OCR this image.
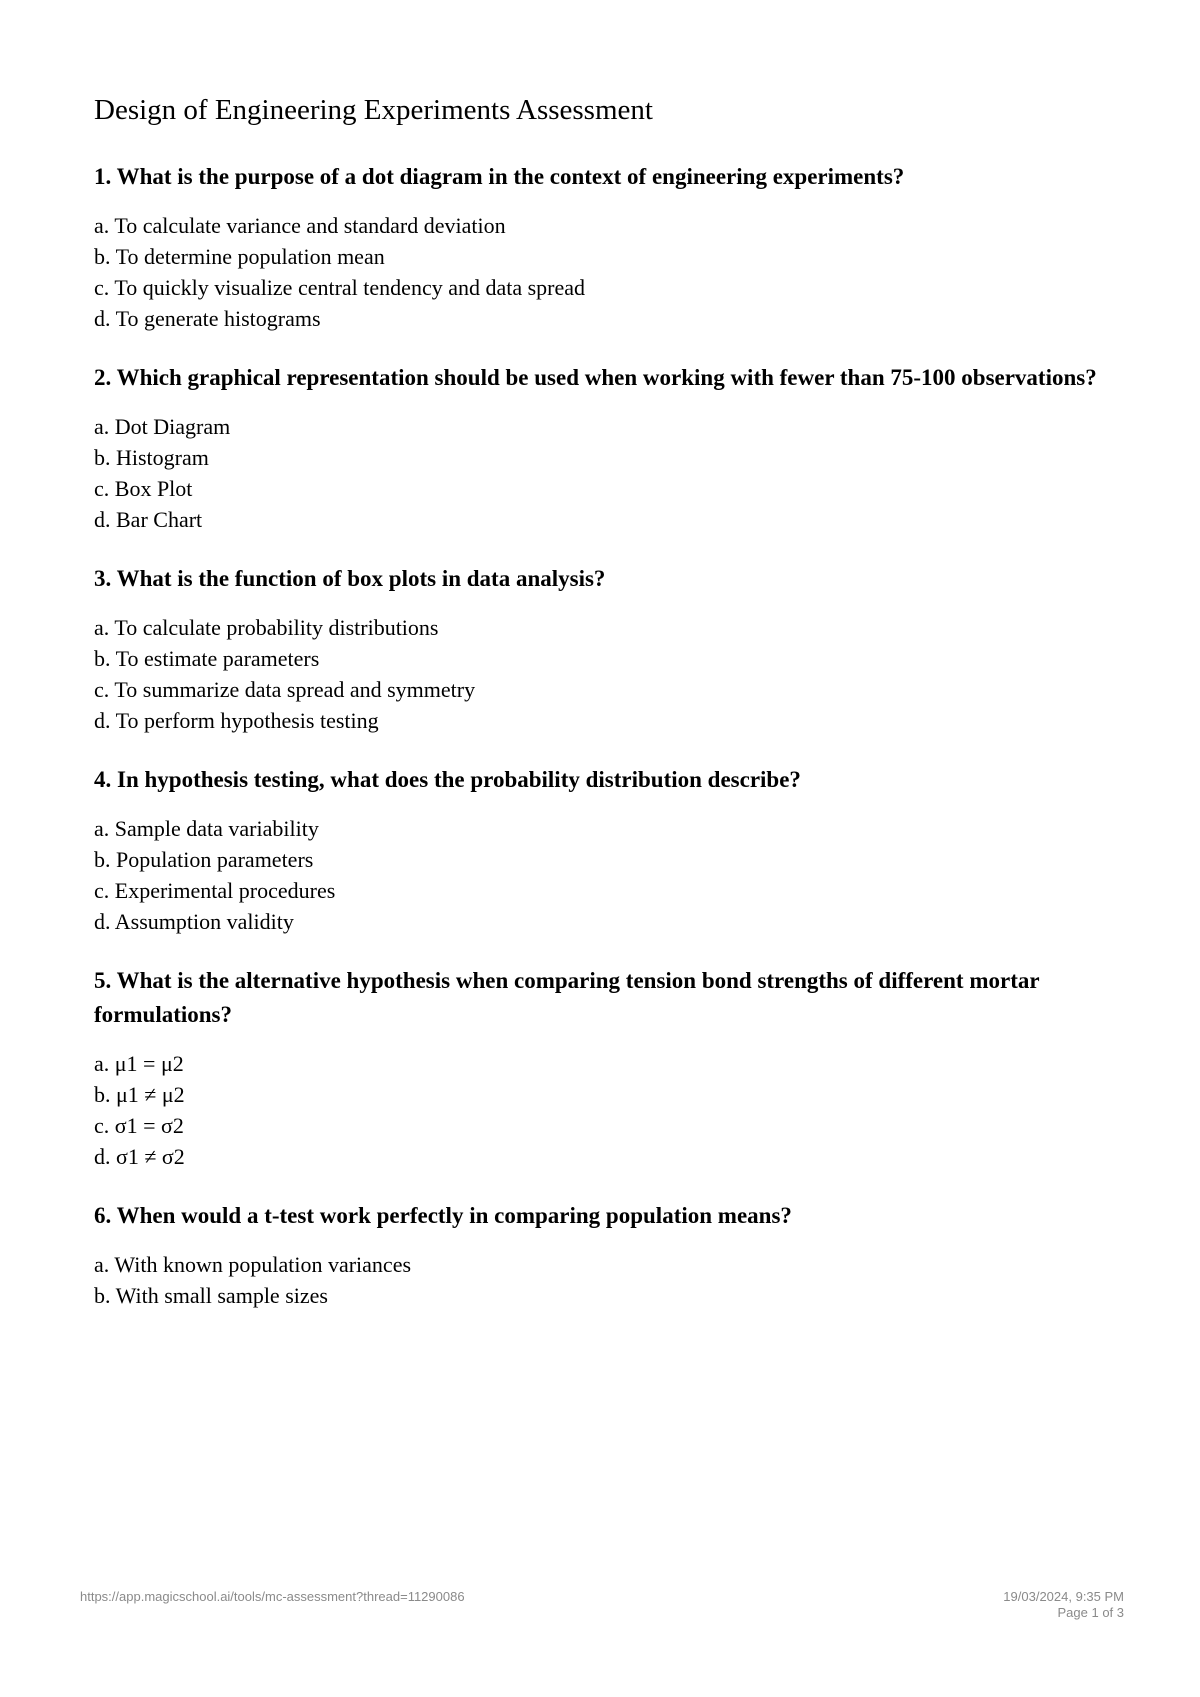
Design of Engineering Experiments Assessment

1. What is the purpose of a dot diagram in the context of engineering experiments?

a. To calculate variance and standard deviation
b. To determine population mean
c. To quickly visualize central tendency and data spread
d. To generate histograms

2. Which graphical representation should be used when working with fewer than 75-100 observations?

a. Dot Diagram
b. Histogram
c. Box Plot
d. Bar Chart

3. What is the function of box plots in data analysis?

a. To calculate probability distributions
b. To estimate parameters
c. To summarize data spread and symmetry
d. To perform hypothesis testing

4. In hypothesis testing, what does the probability distribution describe?

a. Sample data variability
b. Population parameters
c. Experimental procedures
d. Assumption validity

5. What is the alternative hypothesis when comparing tension bond strengths of different mortar formulations?

a. μ1 = μ2
b. μ1 ≠ μ2
c. σ1 = σ2
d. σ1 ≠ σ2

6. When would a t-test work perfectly in comparing population means?

a. With known population variances
b. With small sample sizes
https://app.magicschool.ai/tools/mc-assessment?thread=11290086	19/03/2024, 9:35 PM
Page 1 of 3
